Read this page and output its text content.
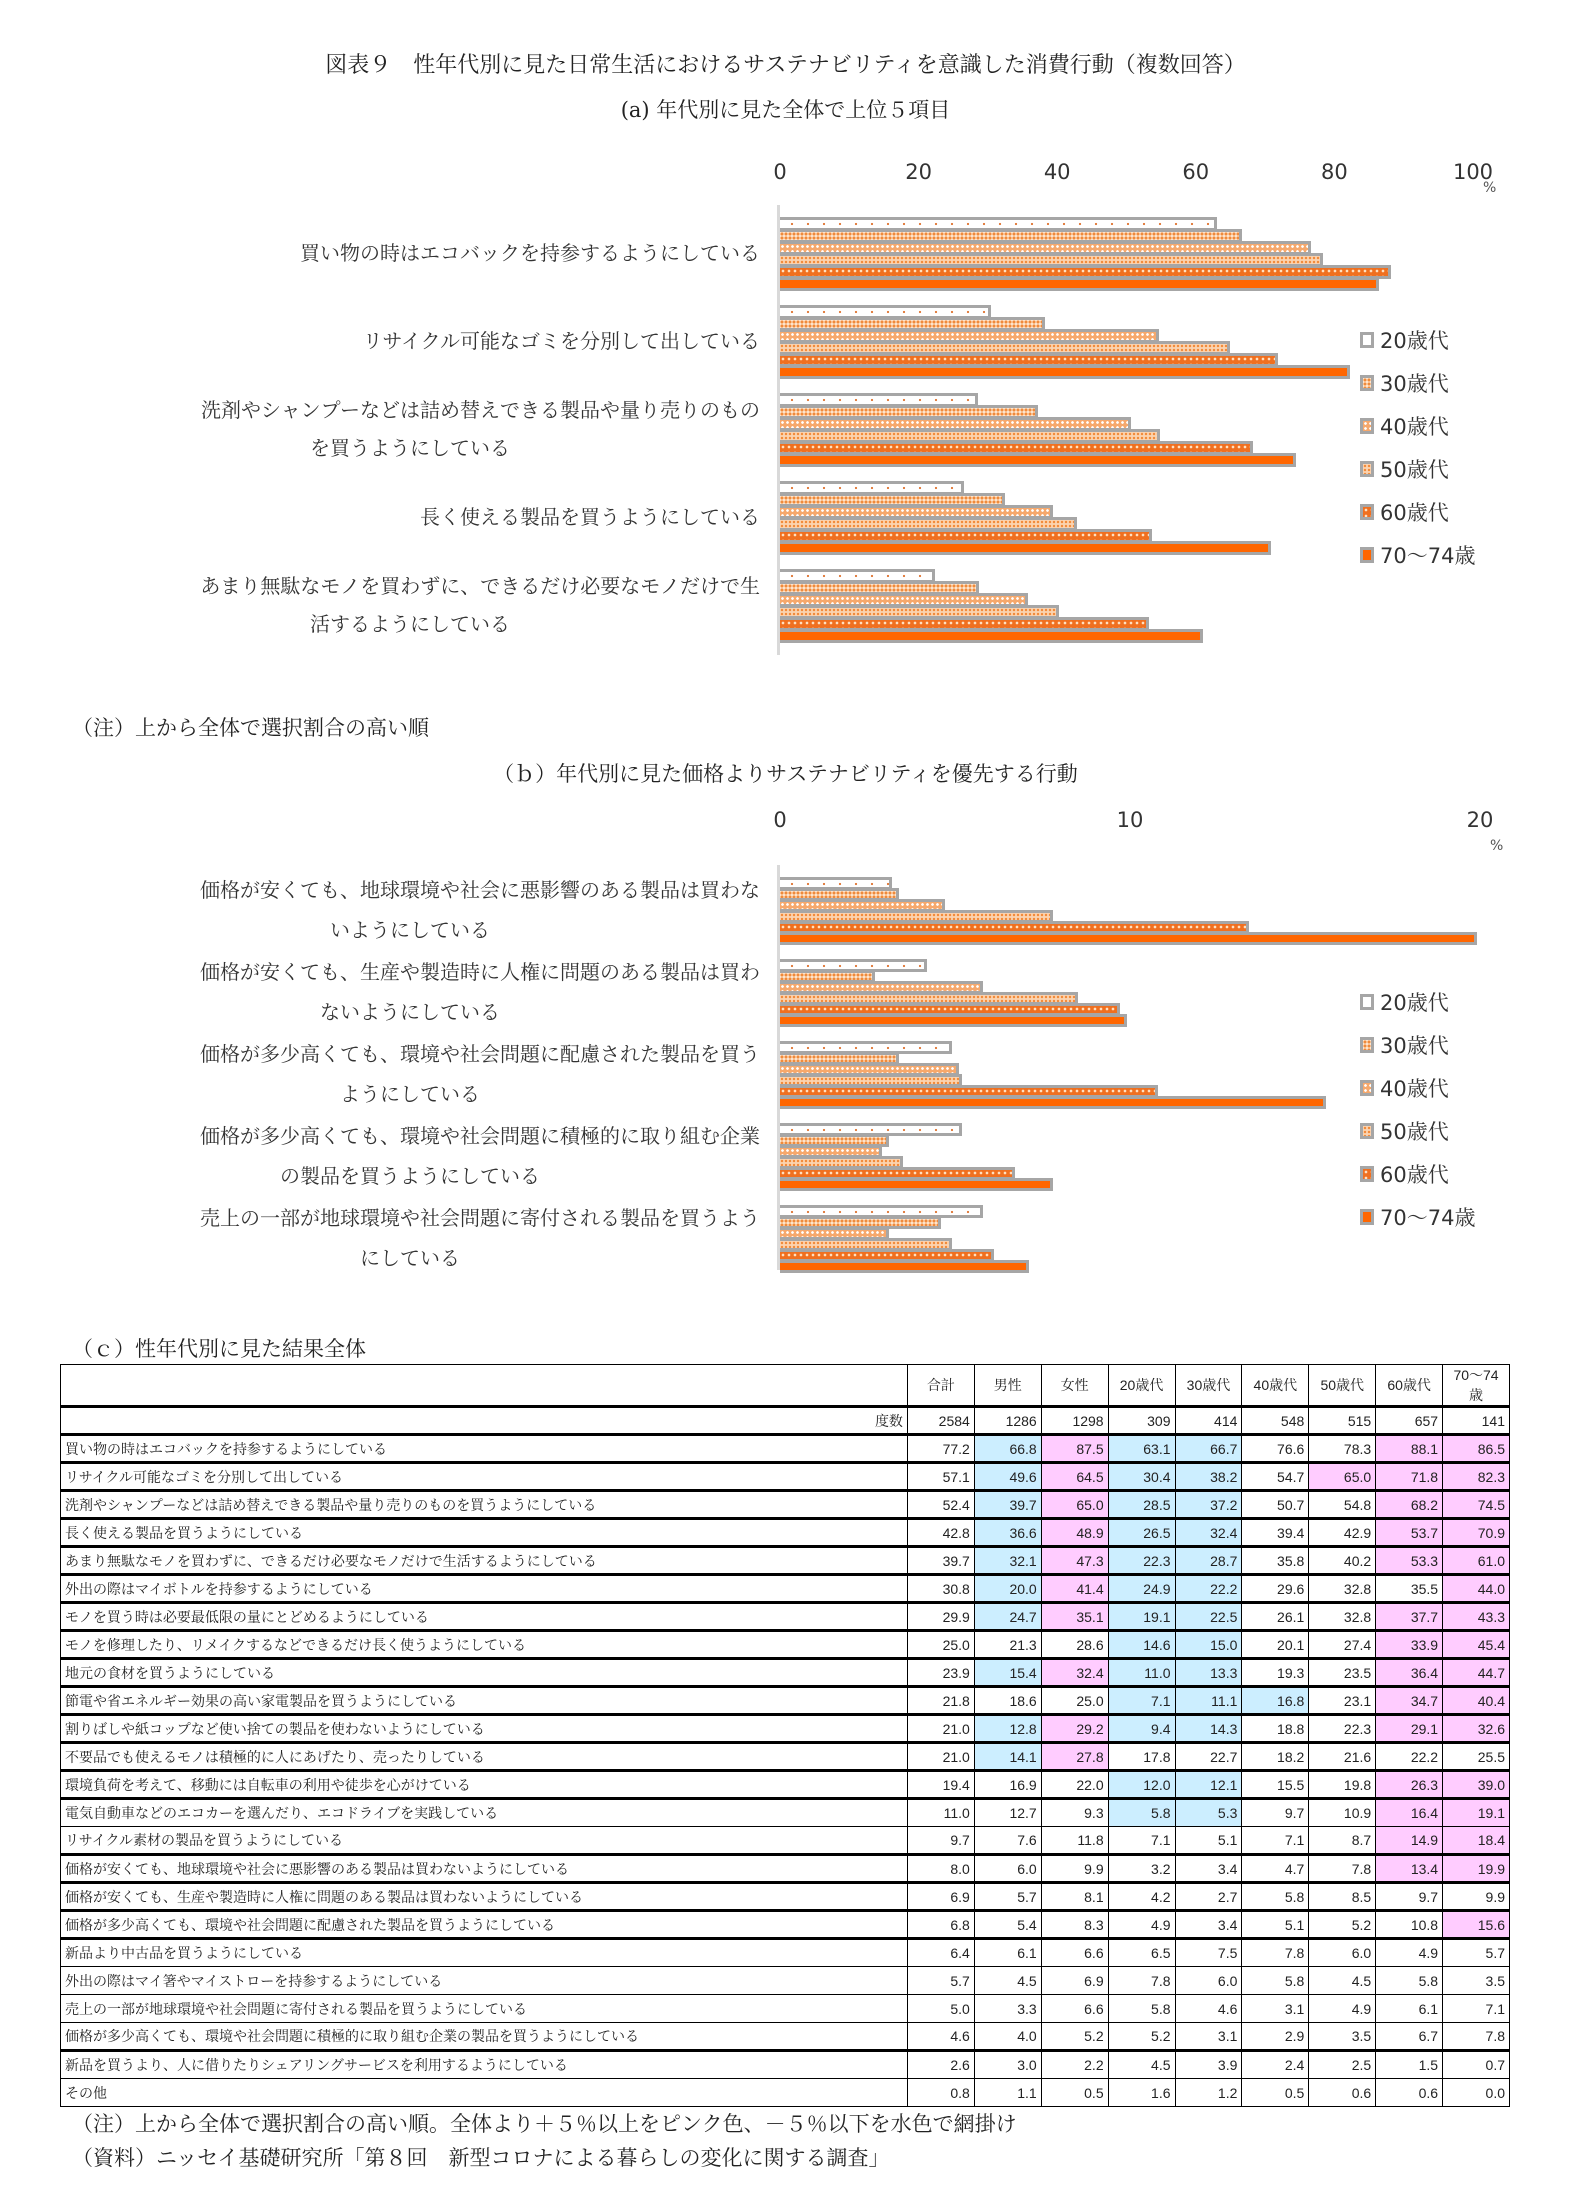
図表９　性年代別に見た日常生活におけるサステナビリティを意識した消費行動（複数回答）
(a) 年代別に見た全体で上位５項目
0	20	40	60	80	100
%
買い物の時はエコバックを持参するようにしている
リサイクル可能なゴミを分別して出している
洗剤やシャンプーなどは詰め替えできる製品や量り売りのもの
を買うようにしている
長く使える製品を買うようにしている
あまり無駄なモノを買わずに、できるだけ必要なモノだけで生
活するようにしている
20歳代
30歳代
40歳代
50歳代
60歳代
70～74歳
（注）上から全体で選択割合の高い順
（ｂ）年代別に見た価格よりサステナビリティを優先する行動
0	10	20
%
価格が安くても、地球環境や社会に悪影響のある製品は買わな
いようにしている
価格が安くても、生産や製造時に人権に問題のある製品は買わ
ないようにしている
価格が多少高くても、環境や社会問題に配慮された製品を買う
ようにしている
価格が多少高くても、環境や社会問題に積極的に取り組む企業
の製品を買うようにしている
売上の一部が地球環境や社会問題に寄付される製品を買うよう
にしている
20歳代
30歳代
40歳代
50歳代
60歳代
70～74歳
（ｃ）性年代別に見た結果全体
	合計	男性	女性	20歳代	30歳代	40歳代	50歳代	60歳代	70～74歳
度数	2584	1286	1298	309	414	548	515	657	141
買い物の時はエコバックを持参するようにしている	77.2	66.8	87.5	63.1	66.7	76.6	78.3	88.1	86.5
リサイクル可能なゴミを分別して出している	57.1	49.6	64.5	30.4	38.2	54.7	65.0	71.8	82.3
洗剤やシャンプーなどは詰め替えできる製品や量り売りのものを買うようにしている	52.4	39.7	65.0	28.5	37.2	50.7	54.8	68.2	74.5
長く使える製品を買うようにしている	42.8	36.6	48.9	26.5	32.4	39.4	42.9	53.7	70.9
あまり無駄なモノを買わずに、できるだけ必要なモノだけで生活するようにしている	39.7	32.1	47.3	22.3	28.7	35.8	40.2	53.3	61.0
外出の際はマイボトルを持参するようにしている	30.8	20.0	41.4	24.9	22.2	29.6	32.8	35.5	44.0
モノを買う時は必要最低限の量にとどめるようにしている	29.9	24.7	35.1	19.1	22.5	26.1	32.8	37.7	43.3
モノを修理したり、リメイクするなどできるだけ長く使うようにしている	25.0	21.3	28.6	14.6	15.0	20.1	27.4	33.9	45.4
地元の食材を買うようにしている	23.9	15.4	32.4	11.0	13.3	19.3	23.5	36.4	44.7
節電や省エネルギー効果の高い家電製品を買うようにしている	21.8	18.6	25.0	7.1	11.1	16.8	23.1	34.7	40.4
割りばしや紙コップなど使い捨ての製品を使わないようにしている	21.0	12.8	29.2	9.4	14.3	18.8	22.3	29.1	32.6
不要品でも使えるモノは積極的に人にあげたり、売ったりしている	21.0	14.1	27.8	17.8	22.7	18.2	21.6	22.2	25.5
環境負荷を考えて、移動には自転車の利用や徒歩を心がけている	19.4	16.9	22.0	12.0	12.1	15.5	19.8	26.3	39.0
電気自動車などのエコカーを選んだり、エコドライブを実践している	11.0	12.7	9.3	5.8	5.3	9.7	10.9	16.4	19.1
リサイクル素材の製品を買うようにしている	9.7	7.6	11.8	7.1	5.1	7.1	8.7	14.9	18.4
価格が安くても、地球環境や社会に悪影響のある製品は買わないようにしている	8.0	6.0	9.9	3.2	3.4	4.7	7.8	13.4	19.9
価格が安くても、生産や製造時に人権に問題のある製品は買わないようにしている	6.9	5.7	8.1	4.2	2.7	5.8	8.5	9.7	9.9
価格が多少高くても、環境や社会問題に配慮された製品を買うようにしている	6.8	5.4	8.3	4.9	3.4	5.1	5.2	10.8	15.6
新品より中古品を買うようにしている	6.4	6.1	6.6	6.5	7.5	7.8	6.0	4.9	5.7
外出の際はマイ箸やマイストローを持参するようにしている	5.7	4.5	6.9	7.8	6.0	5.8	4.5	5.8	3.5
売上の一部が地球環境や社会問題に寄付される製品を買うようにしている	5.0	3.3	6.6	5.8	4.6	3.1	4.9	6.1	7.1
価格が多少高くても、環境や社会問題に積極的に取り組む企業の製品を買うようにしている	4.6	4.0	5.2	5.2	3.1	2.9	3.5	6.7	7.8
新品を買うより、人に借りたりシェアリングサービスを利用するようにしている	2.6	3.0	2.2	4.5	3.9	2.4	2.5	1.5	0.7
その他	0.8	1.1	0.5	1.6	1.2	0.5	0.6	0.6	0.0
（注）上から全体で選択割合の高い順。全体より＋５％以上をピンク色、－５％以下を水色で網掛け
（資料）ニッセイ基礎研究所「第８回　新型コロナによる暮らしの変化に関する調査」
